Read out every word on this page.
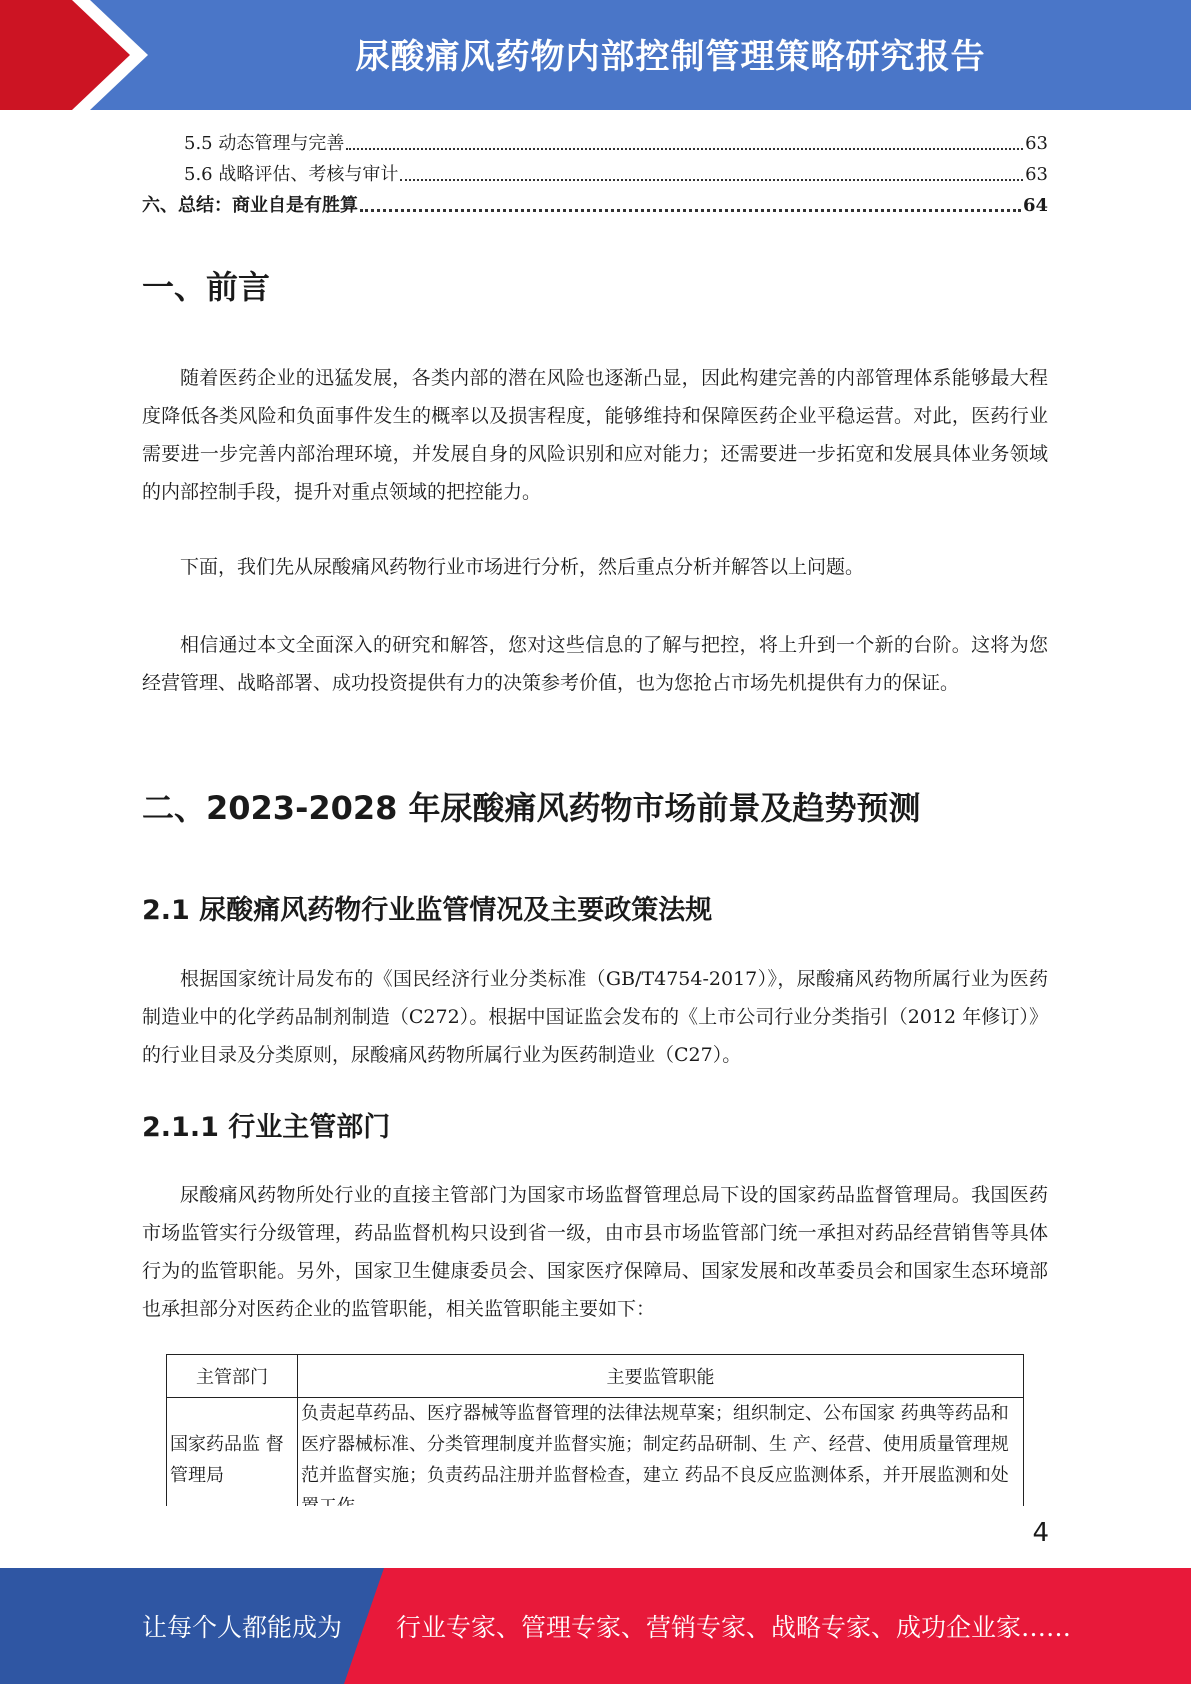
尿酸痛风药物内部控制管理策略研究报告
5.5 动态管理与完善	63
5.6 战略评估、考核与审计	63
六、总结：商业自是有胜算	64
一、前言

随着医药企业的迅猛发展，各类内部的潜在风险也逐渐凸显，因此构建完善的内部管理体系能够最大程度降低各类风险和负面事件发生的概率以及损害程度，能够维持和保障医药企业平稳运营。对此，医药行业需要进一步完善内部治理环境，并发展自身的风险识别和应对能力；还需要进一步拓宽和发展具体业务领域的内部控制手段，提升对重点领域的把控能力。

下面，我们先从尿酸痛风药物行业市场进行分析，然后重点分析并解答以上问题。

相信通过本文全面深入的研究和解答，您对这些信息的了解与把控，将上升到一个新的台阶。这将为您经营管理、战略部署、成功投资提供有力的决策参考价值，也为您抢占市场先机提供有力的保证。

二、2023-2028 年尿酸痛风药物市场前景及趋势预测
2.1 尿酸痛风药物行业监管情况及主要政策法规

根据国家统计局发布的《国民经济行业分类标准（GB/T4754-2017）》，尿酸痛风药物所属行业为医药制造业中的化学药品制剂制造（C272）。根据中国证监会发布的《上市公司行业分类指引（2012 年修订）》的行业目录及分类原则，尿酸痛风药物所属行业为医药制造业（C27）。

2.1.1 行业主管部门

尿酸痛风药物所处行业的直接主管部门为国家市场监督管理总局下设的国家药品监督管理局。我国医药市场监管实行分级管理，药品监督机构只设到省一级，由市县市场监管部门统一承担对药品经营销售等具体行为的监管职能。另外，国家卫生健康委员会、国家医疗保障局、国家发展和改革委员会和国家生态环境部也承担部分对医药企业的监管职能，相关监管职能主要如下：

主管部门	主要监管职能
国家药品监 督管理局	负责起草药品、医疗器械等监督管理的法律法规草案；组织制定、公布国家 药典等药品和医疗器械标准、分类管理制度并监督实施；制定药品研制、生 产、经营、使用质量管理规范并监督实施；负责药品注册并监督检查，建立 药品不良反应监测体系，并开展监测和处
4
让每个人都能成为 行业专家、管理专家、营销专家、战略专家、成功企业家……
